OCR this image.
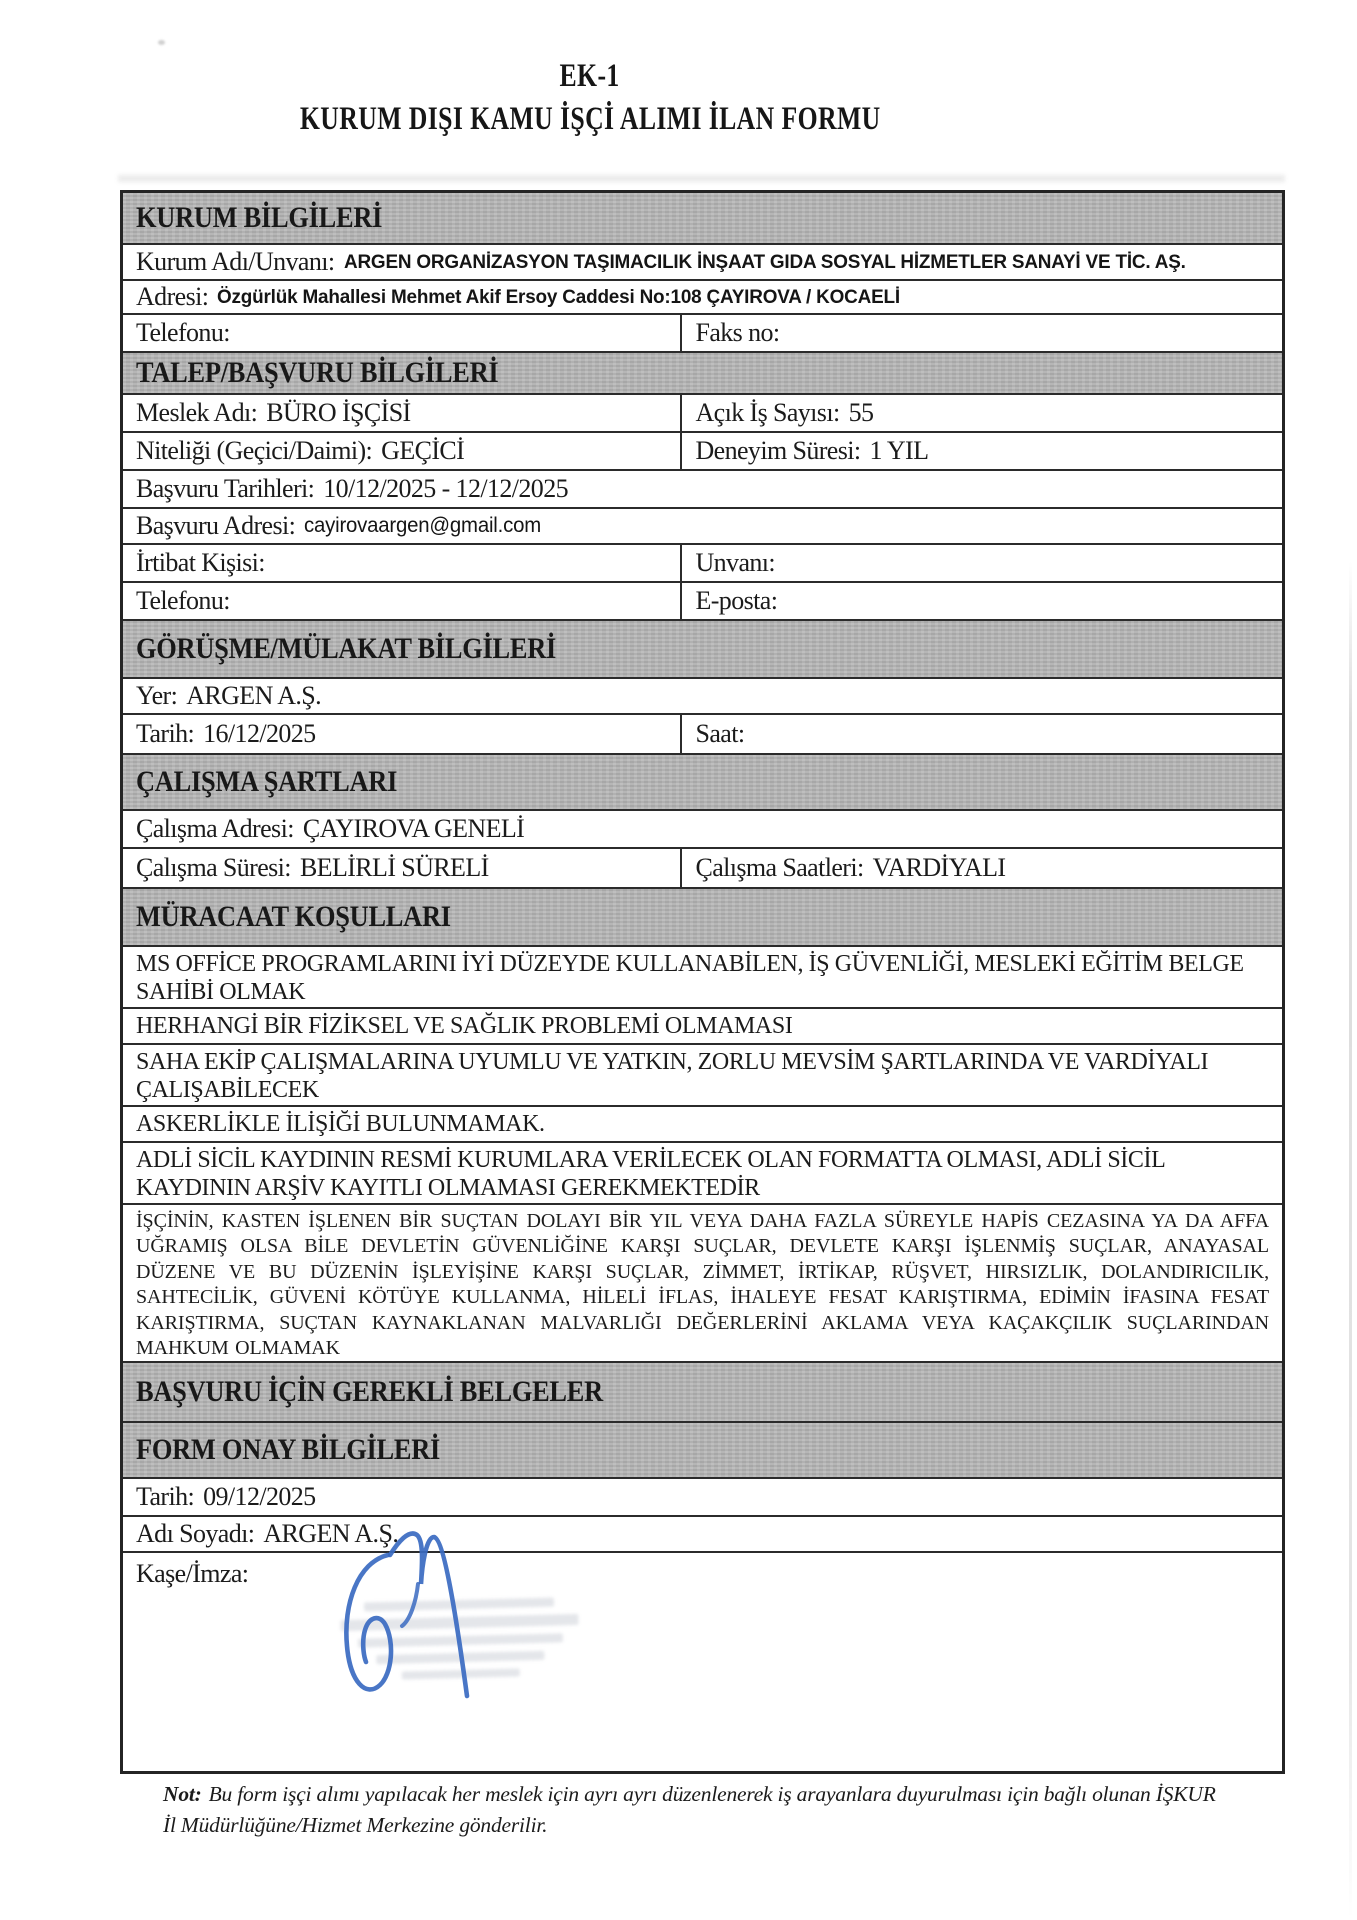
EK-1
KURUM DIŞI KAMU İŞÇİ ALIMI İLAN FORMU
KURUM BİLGİLERİ
Kurum Adı/Unvanı: ARGEN ORGANİZASYON TAŞIMACILIK İNŞAAT GIDA SOSYAL HİZMETLER SANAYİ VE TİC. AŞ.
Adresi: Özgürlük Mahallesi Mehmet Akif Ersoy Caddesi No:108 ÇAYIROVA / KOCAELİ
Telefonu:	Faks no:
TALEP/BAŞVURU BİLGİLERİ
Meslek Adı: BÜRO İŞÇİSİ	Açık İş Sayısı: 55
Niteliği (Geçici/Daimi): GEÇİCİ	Deneyim Süresi: 1 YIL
Başvuru Tarihleri: 10/12/2025 - 12/12/2025
Başvuru Adresi: cayirovaargen@gmail.com
İrtibat Kişisi:	Unvanı:
Telefonu:	E-posta:
GÖRÜŞME/MÜLAKAT BİLGİLERİ
Yer: ARGEN A.Ş.
Tarih: 16/12/2025	Saat:
ÇALIŞMA ŞARTLARI
Çalışma Adresi: ÇAYIROVA GENELİ
Çalışma Süresi: BELİRLİ SÜRELİ	Çalışma Saatleri: VARDİYALI
MÜRACAAT KOŞULLARI
MS OFFİCE PROGRAMLARINI İYİ DÜZEYDE KULLANABİLEN, İŞ GÜVENLİĞİ, MESLEKİ EĞİTİM BELGE SAHİBİ OLMAK
HERHANGİ BİR FİZİKSEL VE SAĞLIK PROBLEMİ OLMAMASI
SAHA EKİP ÇALIŞMALARINA UYUMLU VE YATKIN, ZORLU MEVSİM ŞARTLARINDA VE VARDİYALI ÇALIŞABİLECEK
ASKERLİKLE İLİŞİĞİ BULUNMAMAK.
ADLİ SİCİL KAYDININ RESMİ KURUMLARA VERİLECEK OLAN FORMATTA OLMASI, ADLİ SİCİL KAYDININ ARŞİV KAYITLI OLMAMASI GEREKMEKTEDİR
İŞÇİNİN, KASTEN İŞLENEN BİR SUÇTAN DOLAYI BİR YIL VEYA DAHA FAZLA SÜREYLE HAPİS CEZASINA YA DA AFFA UĞRAMIŞ OLSA BİLE DEVLETİN GÜVENLİĞİNE KARŞI SUÇLAR, DEVLETE KARŞI İŞLENMİŞ SUÇLAR, ANAYASAL DÜZENE VE BU DÜZENİN İŞLEYİŞİNE KARŞI SUÇLAR, ZİMMET, İRTİKAP, RÜŞVET, HIRSIZLIK, DOLANDIRICILIK, SAHTECİLİK, GÜVENİ KÖTÜYE KULLANMA, HİLELİ İFLAS, İHALEYE FESAT KARIŞTIRMA, EDİMİN İFASINA FESAT KARIŞTIRMA, SUÇTAN KAYNAKLANAN MALVARLIĞI DEĞERLERİNİ AKLAMA VEYA KAÇAKÇILIK SUÇLARINDAN MAHKUM OLMAMAK
BAŞVURU İÇİN GEREKLİ BELGELER
FORM ONAY BİLGİLERİ
Tarih: 09/12/2025
Adı Soyadı: ARGEN A.Ş.
Kaşe/İmza:
Not: Bu form işçi alımı yapılacak her meslek için ayrı ayrı düzenlenerek iş arayanlara duyurulması için bağlı olunan İŞKUR İl Müdürlüğüne/Hizmet Merkezine gönderilir.
